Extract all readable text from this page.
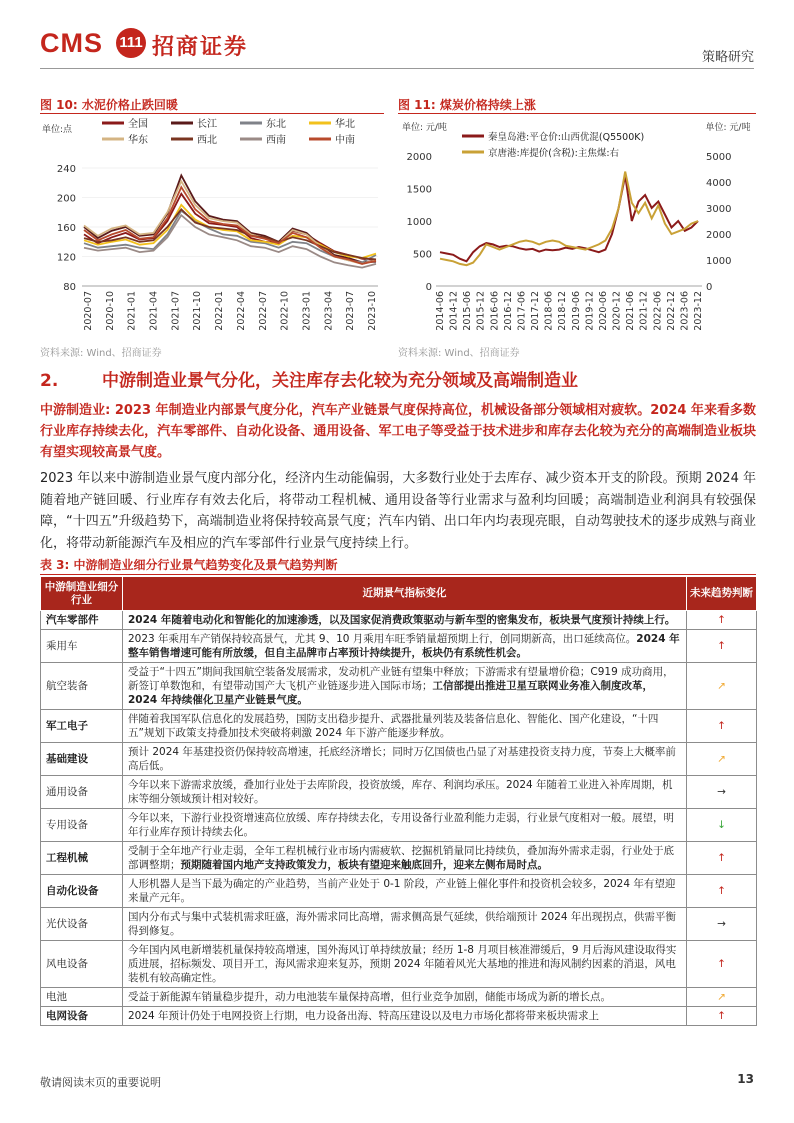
CMS 111 招商证券	策略研究
图 10: 水泥价格止跌回暖
单位:点
80
120
160
200
240
2020-07 2020-10 2021-01 2021-04 2021-07 2021-10 2022-01 2022-04 2022-07 2022-10 2023-01 2023-04 2023-07 2023-10
全国	长江	东北	华北
华东	西北	西南	中南
资料来源: Wind、招商证券
图 11: 煤炭价格持续上涨
单位: 元/吨	单位: 元/吨
0
500
1000
1500
2000
0
1000
2000
3000
4000
5000
2014-06 2014-12 2015-06 2015-12 2016-06 2016-12 2017-06 2017-12 2018-06 2018-12 2019-06 2019-12 2020-06 2020-12 2021-06 2021-12 2022-06 2022-12 2023-06 2023-12
秦皇岛港:平仓价:山西优混(Q5500K)
京唐港:库提价(含税):主焦煤:右
资料来源: Wind、招商证券
2.	中游制造业景气分化，关注库存去化较为充分领域及高端制造业
中游制造业: 2023 年制造业内部景气度分化，汽车产业链景气度保持高位，机械设备部分领域相对疲软。2024 年来看多数行业库存持续去化，汽车零部件、自动化设备、通用设备、军工电子等受益于技术进步和库存去化较为充分的高端制造业板块有望实现较高景气度。
2023 年以来中游制造业景气度内部分化，经济内生动能偏弱，大多数行业处于去库存、减少资本开支的阶段。预期 2024 年随着地产链回暖、行业库存有效去化后，将带动工程机械、通用设备等行业需求与盈利均回暖；高端制造业利润具有较强保障，“十四五”升级趋势下，高端制造业将保持较高景气度；汽车内销、出口年内均表现亮眼，自动驾驶技术的逐步成熟与商业化，将带动新能源汽车及相应的汽车零部件行业景气度持续上行。
表 3: 中游制造业细分行业景气趋势变化及景气趋势判断
中游制造业细分行业	近期景气指标变化	未来趋势判断
汽车零部件	2024 年随着电动化和智能化的加速渗透，以及国家促消费政策驱动与新车型的密集发布，板块景气度预计持续上行。	↑
乘用车	2023 年乘用车产销保持较高景气，尤其 9、10 月乘用车旺季销量超预期上行，创同期新高，出口延续高位。2024 年整车销售增速可能有所放缓，但自主品牌市占率预计持续提升，板块仍有系统性机会。	↑
航空装备	受益于“十四五”期间我国航空装备发展需求，发动机产业链有望集中释放；下游需求有望量增价稳；C919 成功商用，新签订单数饱和，有望带动国产大飞机产业链逐步进入国际市场；工信部提出推进卫星互联网业务准入制度改革，2024 年持续催化卫星产业链景气度。	↗
军工电子	伴随着我国军队信息化的发展趋势，国防支出稳步提升、武器批量列装及装备信息化、智能化、国产化建设，“十四五”规划下政策支持叠加技术突破将刺激 2024 年下游产能逐步释放。	↑
基础建设	预计 2024 年基建投资仍保持较高增速，托底经济增长；同时万亿国债也凸显了对基建投资支持力度，节奏上大概率前高后低。	↗
通用设备	今年以来下游需求放缓，叠加行业处于去库阶段，投资放缓，库存、利润均承压。2024 年随着工业进入补库周期，机床等细分领域预计相对较好。	→
专用设备	今年以来，下游行业投资增速高位放缓、库存持续去化，专用设备行业盈利能力走弱，行业景气度相对一般。展望，明年行业库存预计持续去化。	↓
工程机械	受制于全年地产行业走弱，全年工程机械行业市场内需疲软、挖掘机销量同比持续负，叠加海外需求走弱，行业处于底部调整期；预期随着国内地产支持政策发力，板块有望迎来触底回升，迎来左侧布局时点。	↑
自动化设备	人形机器人是当下最为确定的产业趋势，当前产业处于 0-1 阶段，产业链上催化事件和投资机会较多，2024 年有望迎来量产元年。	↑
光伏设备	国内分布式与集中式装机需求旺盛，海外需求同比高增，需求侧高景气延续，供给端预计 2024 年出现拐点，供需平衡得到修复。	→
风电设备	今年国内风电新增装机量保持较高增速，国外海风订单持续放量；经历 1-8 月项目核准滞缓后，9 月后海风建设取得实质进展，招标频发、项目开工，海风需求迎来复苏，预期 2024 年随着风光大基地的推进和海风制约因素的消退，风电装机有较高确定性。	↑
电池	受益于新能源车销量稳步提升，动力电池装车量保持高增，但行业竞争加剧，储能市场成为新的增长点。	↗
电网设备	2024 年预计仍处于电网投资上行期，电力设备出海、特高压建设以及电力市场化都将带来板块需求上	↑
敬请阅读末页的重要说明	13
